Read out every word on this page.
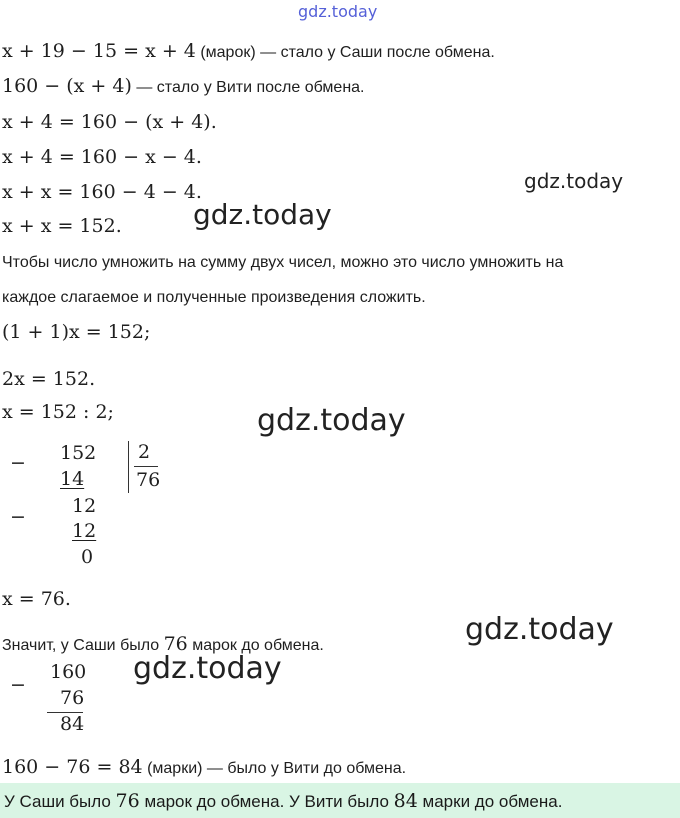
gdz.today
x + 19 − 15 = x + 4 (марок) — стало у Саши после обмена.
160 − (x + 4) — стало у Вити после обмена.
x + 4 = 160 − (x + 4).
x + 4 = 160 − x − 4.
x + x = 160 − 4 − 4.
x + x = 152.
Чтобы число умножить на сумму двух чисел, можно это число умножить на
каждое слагаемое и полученные произведения сложить.
(1 + 1)x = 152;
2x = 152.
x = 152 : 2;
− 152
14
2
76
− 12
12
0
x = 76.
Значит, у Саши было 76 марок до обмена.
−
160
76
84
160 − 76 = 84 (марки) — было у Вити до обмена.
У Саши было 76 марок до обмена. У Вити было 84 марки до обмена.
gdz.today
gdz.today
gdz.today
gdz.today
gdz.today
